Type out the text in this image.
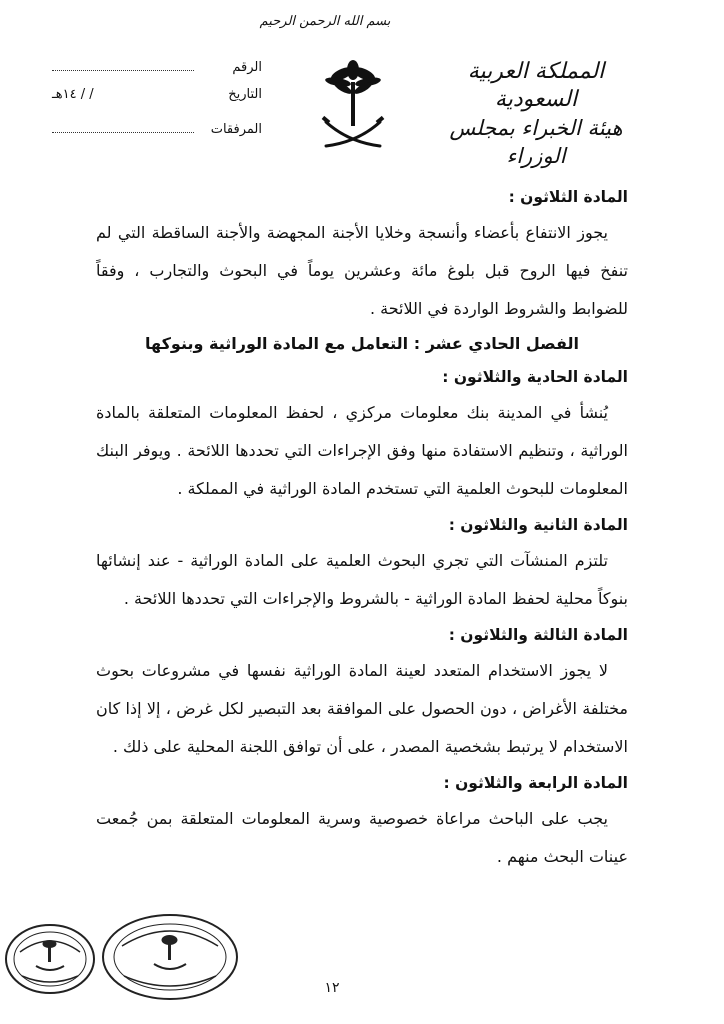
بسم الله الرحمن الرحيم
المملكة العربية السعودية
هيئة الخبراء بمجلس الوزراء
الرقم
التاريخ
/ / ١٤هـ
المرفقات
المادة الثلاثون :

يجوز الانتفاع بأعضاء وأنسجة وخلايا الأجنة المجهضة والأجنة الساقطة التي لم تنفخ فيها الروح قبل بلوغ مائة وعشرين يوماً في البحوث والتجارب ، وفقاً للضوابط والشروط الواردة في اللائحة .

الفصل الحادي عشر : التعامل مع المادة الوراثية وبنوكها
المادة الحادية والثلاثون :

يُنشأ في المدينة بنك معلومات مركزي ، لحفظ المعلومات المتعلقة بالمادة الوراثية ، وتنظيم الاستفادة منها وفق الإجراءات التي تحددها اللائحة . ويوفر البنك المعلومات للبحوث العلمية التي تستخدم المادة الوراثية في المملكة .

المادة الثانية والثلاثون :

تلتزم المنشآت التي تجري البحوث العلمية على المادة الوراثية - عند إنشائها بنوكاً محلية لحفظ المادة الوراثية - بالشروط والإجراءات التي تحددها اللائحة .

المادة الثالثة والثلاثون :

لا يجوز الاستخدام المتعدد لعينة المادة الوراثية نفسها في مشروعات بحوث مختلفة الأغراض ، دون الحصول على الموافقة بعد التبصير لكل غرض ، إلا إذا كان الاستخدام لا يرتبط بشخصية المصدر ، على أن توافق اللجنة المحلية على ذلك .

المادة الرابعة والثلاثون :

يجب على الباحث مراعاة خصوصية وسرية المعلومات المتعلقة بمن جُمعت عينات البحث منهم .

١٢
